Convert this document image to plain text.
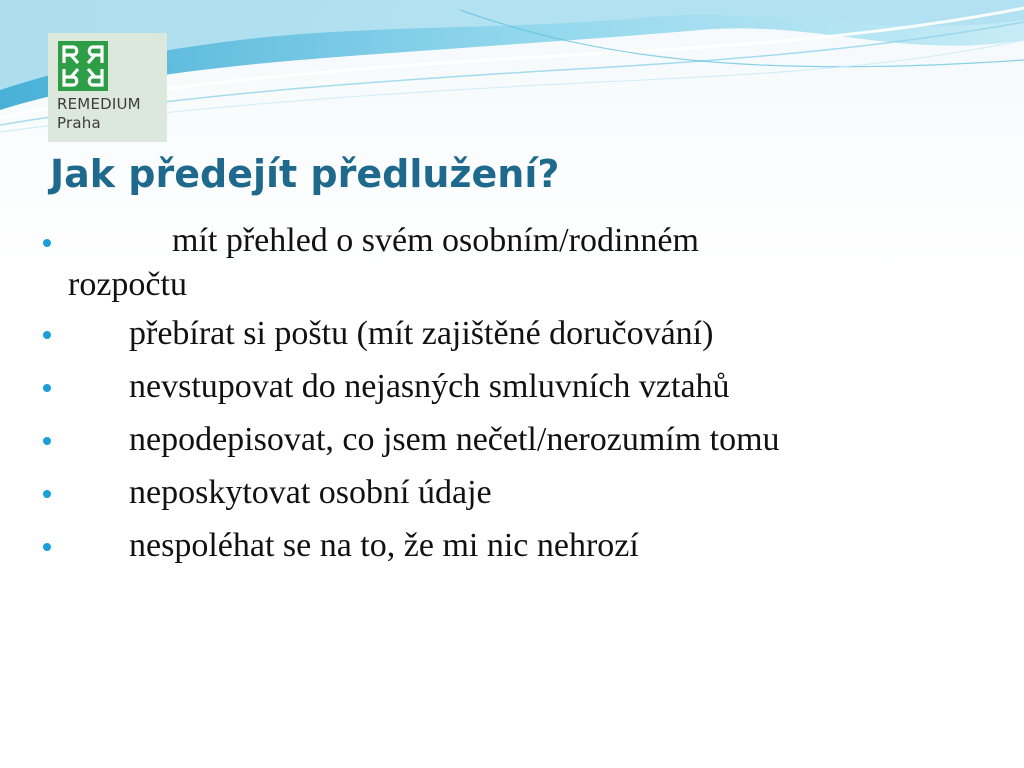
REMEDIUM
Praha
Jak předejít předlužení?
mít přehled o svém osobním/rodinném
rozpočtu
přebírat si poštu (mít zajištěné doručování)
nevstupovat do nejasných smluvních vztahů
nepodepisovat, co jsem nečetl/nerozumím tomu
neposkytovat osobní údaje
nespoléhat se na to, že mi nic nehrozí
